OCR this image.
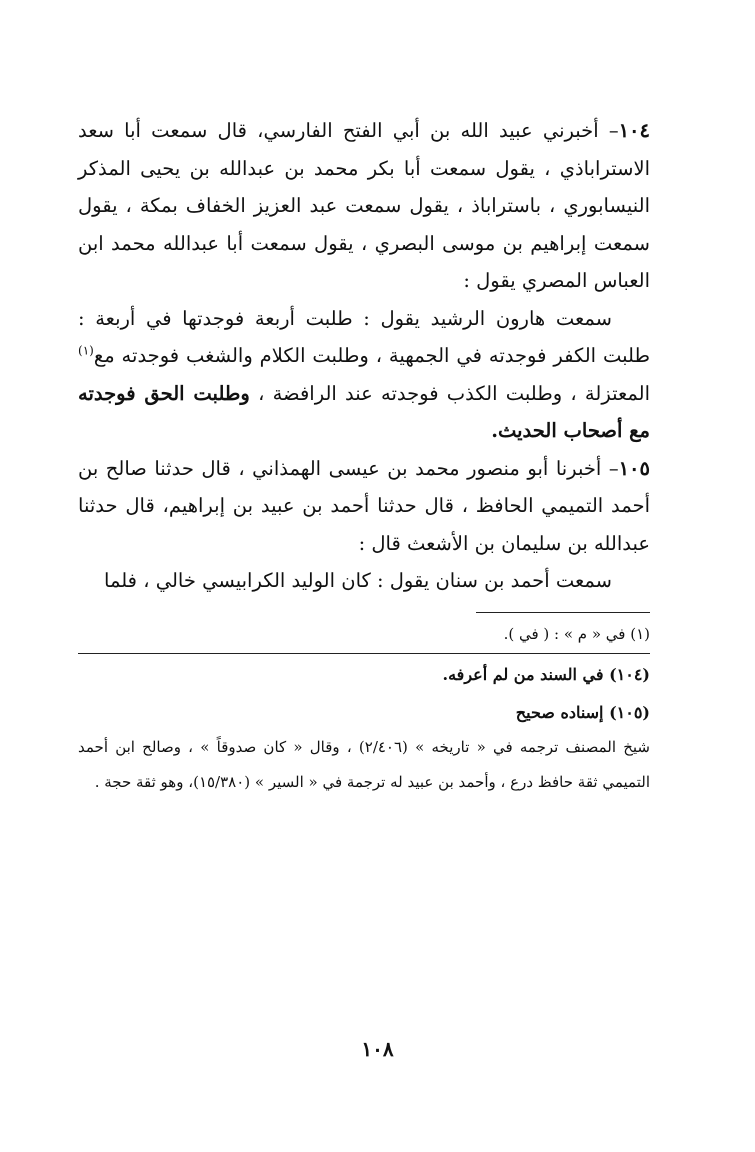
١٠٤– أخبرني عبيد الله بن أبي الفتح الفارسي، قال سمعت أبا سعد الاستراباذي ، يقول سمعت أبا بكر محمد بن عبدالله بن يحيى المذكر النيسابوري ، باستراباذ ، يقول سمعت عبد العزيز الخفاف بمكة ، يقول سمعت إبراهيم بن موسى البصري ، يقول سمعت أبا عبدالله محمد ابن العباس المصري يقول :

سمعت هارون الرشيد يقول : طلبت أربعة فوجدتها في أربعة : طلبت الكفر فوجدته في الجمهية ، وطلبت الكلام والشغب فوجدته مع$^{(١)}$ المعتزلة ، وطلبت الكذب فوجدته عند الرافضة ، وطلبت الحق فوجدته مع أصحاب الحديث.

١٠٥– أخبرنا أبو منصور محمد بن عيسى الهمذاني ، قال حدثنا صالح بن أحمد التميمي الحافظ ، قال حدثنا أحمد بن عبيد بن إبراهيم، قال حدثنا عبدالله بن سليمان بن الأشعث قال :

سمعت أحمد بن سنان يقول : كان الوليد الكرابيسي خالي ، فلما

(١) في « م » : ( في ).

(١٠٤) في السند من لم أعرفه.

(١٠٥) إسناده صحيح

شيخ المصنف ترجمه في « تاريخه » (٢/٤٠٦) ، وقال « كان صدوقاً » ، وصالح ابن أحمد التميمي ثقة حافظ درع ، وأحمد بن عبيد له ترجمة في « السير » (١٥/٣٨٠)، وهو ثقة حجة .

١٠٨
